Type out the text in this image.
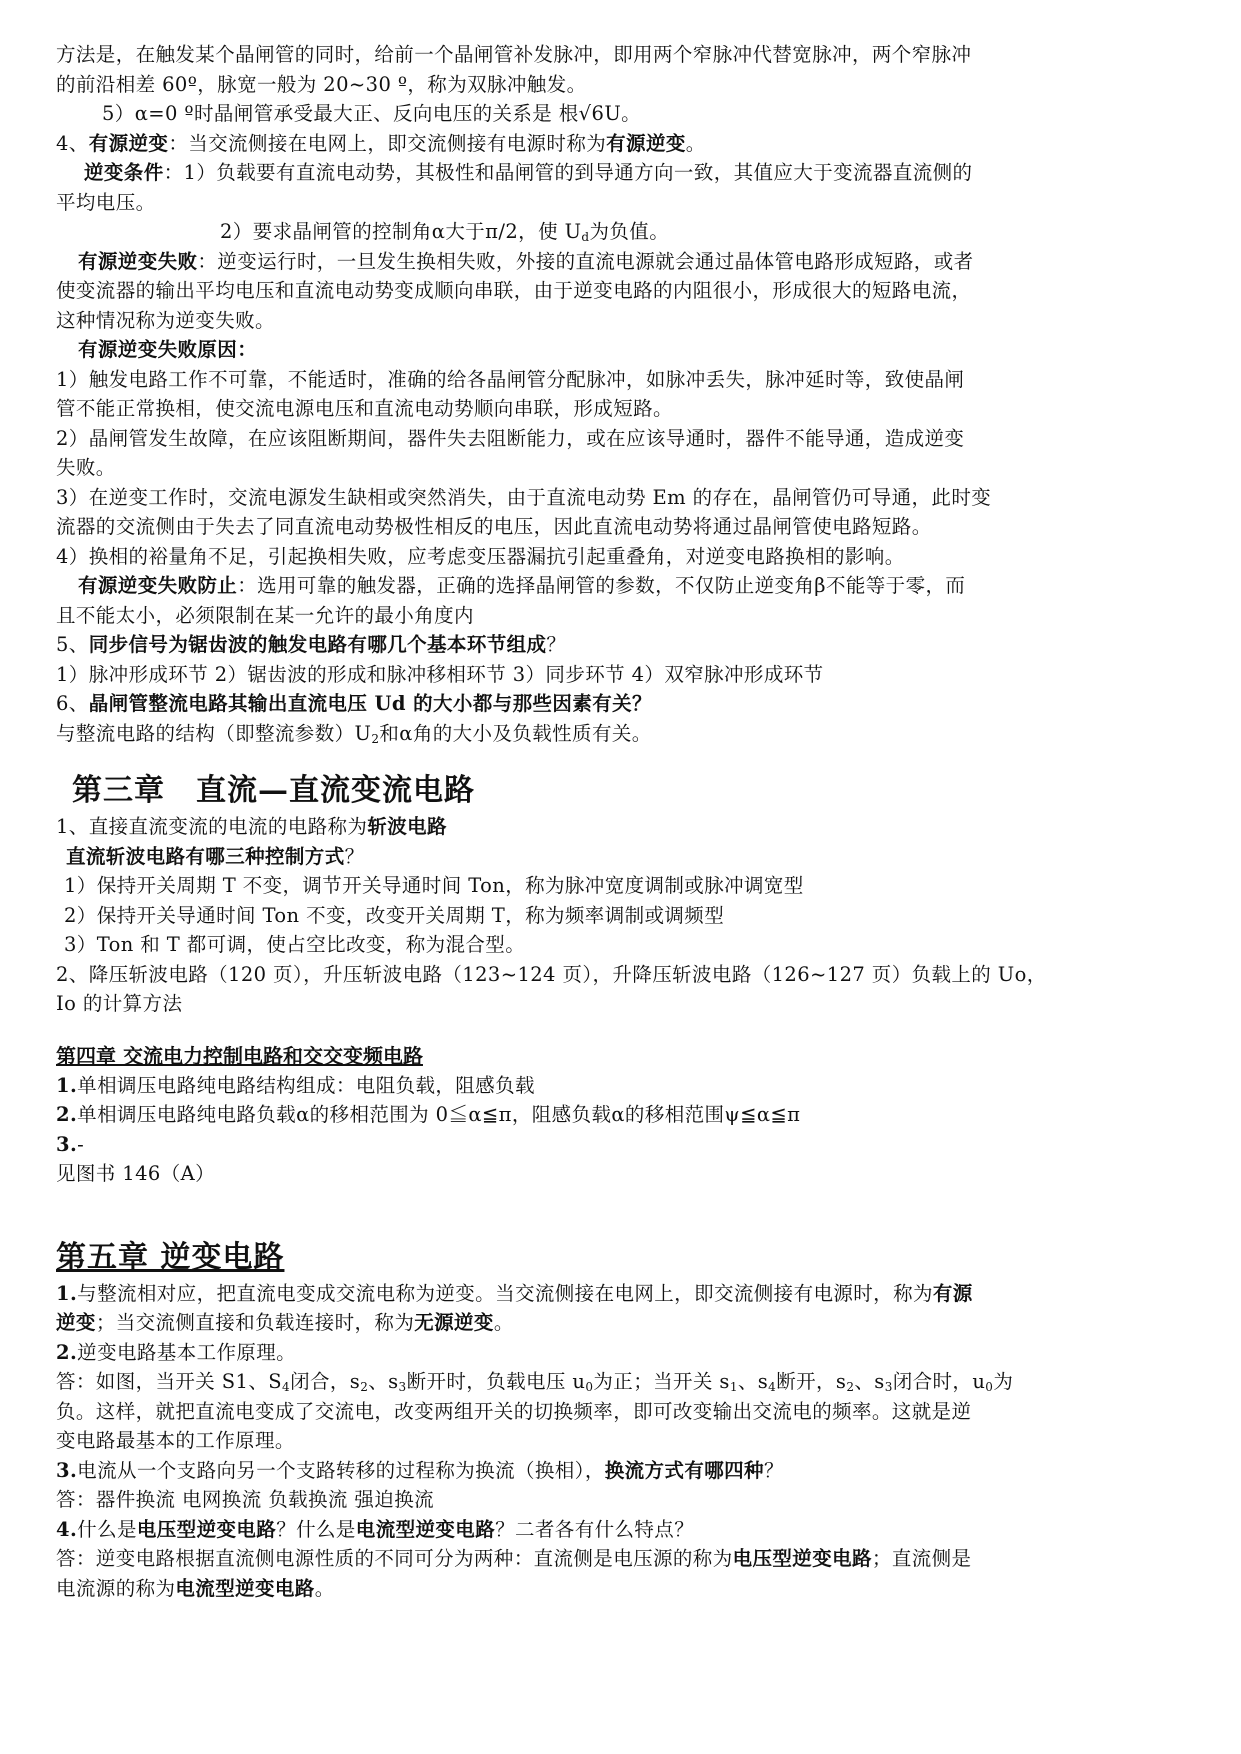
方法是，在触发某个晶闸管的同时，给前一个晶闸管补发脉冲，即用两个窄脉冲代替宽脉冲，两个窄脉冲
的前沿相差 60º，脉宽一般为 20~30 º，称为双脉冲触发。
5）α=0 º时晶闸管承受最大正、反向电压的关系是 根√6U。
4、有源逆变：当交流侧接在电网上，即交流侧接有电源时称为有源逆变。
逆变条件：1）负载要有直流电动势，其极性和晶闸管的到导通方向一致，其值应大于变流器直流侧的
平均电压。
2）要求晶闸管的控制角α大于π/2，使 $U_d$为负值。
有源逆变失败：逆变运行时，一旦发生换相失败，外接的直流电源就会通过晶体管电路形成短路，或者
使变流器的输出平均电压和直流电动势变成顺向串联，由于逆变电路的内阻很小，形成很大的短路电流，
这种情况称为逆变失败。
有源逆变失败原因：
1）触发电路工作不可靠，不能适时，准确的给各晶闸管分配脉冲，如脉冲丢失，脉冲延时等，致使晶闸
管不能正常换相，使交流电源电压和直流电动势顺向串联，形成短路。
2）晶闸管发生故障，在应该阻断期间，器件失去阻断能力，或在应该导通时，器件不能导通，造成逆变
失败。
3）在逆变工作时，交流电源发生缺相或突然消失，由于直流电动势 Em 的存在，晶闸管仍可导通，此时变
流器的交流侧由于失去了同直流电动势极性相反的电压，因此直流电动势将通过晶闸管使电路短路。
4）换相的裕量角不足，引起换相失败，应考虑变压器漏抗引起重叠角，对逆变电路换相的影响。
有源逆变失败防止：选用可靠的触发器，正确的选择晶闸管的参数，不仅防止逆变角β不能等于零，而
且不能太小，必须限制在某一允许的最小角度内
5、同步信号为锯齿波的触发电路有哪几个基本环节组成？
1）脉冲形成环节 2）锯齿波的形成和脉冲移相环节 3）同步环节 4）双窄脉冲形成环节
6、晶闸管整流电路其输出直流电压 Ud 的大小都与那些因素有关？
与整流电路的结构（即整流参数）$U_2$和α角的大小及负载性质有关。
第三章　直流—直流变流电路
1、直接直流变流的电流的电路称为斩波电路
直流斩波电路有哪三种控制方式？
1）保持开关周期 T 不变，调节开关导通时间 Ton，称为脉冲宽度调制或脉冲调宽型
2）保持开关导通时间 Ton 不变，改变开关周期 T，称为频率调制或调频型
3）Ton 和 T 都可调，使占空比改变，称为混合型。
2、降压斩波电路（120 页），升压斩波电路（123~124 页），升降压斩波电路（126~127 页）负载上的 Uo，
Io 的计算方法
第四章 交流电力控制电路和交交变频电路
1.单相调压电路纯电路结构组成：电阻负载，阻感负载
2.单相调压电路纯电路负载α的移相范围为 0≦α≦π，阻感负载α的移相范围ψ≦α≦π
3.-
见图书 146（A）
第五章 逆变电路
1.与整流相对应，把直流电变成交流电称为逆变。当交流侧接在电网上，即交流侧接有电源时，称为有源
逆变；当交流侧直接和负载连接时，称为无源逆变。
2.逆变电路基本工作原理。
答：如图，当开关 S1、$S_4$闭合，$s_2$、$s_3$断开时，负载电压 $u_0$为正；当开关 $s_1$、$s_4$断开，$s_2$、$s_3$闭合时，$u_0$为
负。这样，就把直流电变成了交流电，改变两组开关的切换频率，即可改变输出交流电的频率。这就是逆
变电路最基本的工作原理。
3.电流从一个支路向另一个支路转移的过程称为换流（换相），换流方式有哪四种？
答：器件换流 电网换流 负载换流 强迫换流
4.什么是电压型逆变电路？什么是电流型逆变电路？二者各有什么特点？
答：逆变电路根据直流侧电源性质的不同可分为两种：直流侧是电压源的称为电压型逆变电路；直流侧是
电流源的称为电流型逆变电路。
